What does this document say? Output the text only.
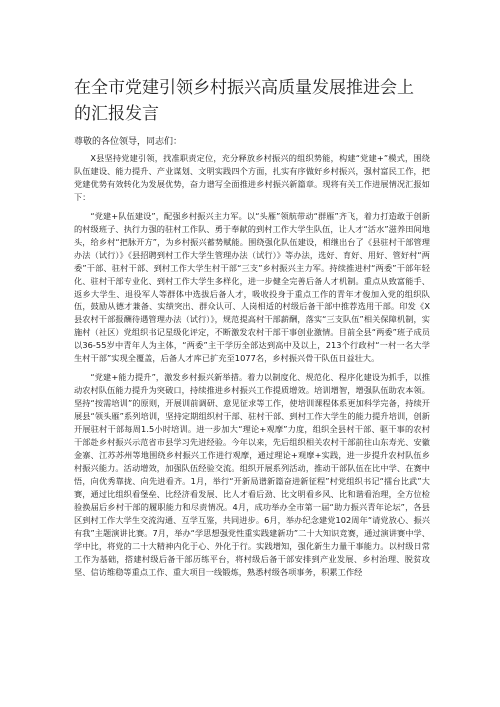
在全市党建引领乡村振兴高质量发展推进会上的汇报发言

尊敬的各位领导，同志们：

X县坚持党建引领，找准职责定位，充分释放乡村振兴的组织势能，构建“党建+”模式，围绕队伍建设、能力提升、产业谋划、文明实践四个方面，扎实有序做好乡村振兴，强村富民工作，把党建优势有效转化为发展优势，奋力谱写全面推进乡村振兴新篇章。现将有关工作进展情况汇报如下：

“党建+队伍建设”，配强乡村振兴主力军。以“头雁”领航带动“群雁”齐飞，着力打造敢于创新的村级班子、执行力强的驻村工作队、勇于奉献的到村工作大学生队伍，让人才“活水”滋养田间地头，给乡村“把脉开方”，为乡村振兴蓄势赋能。围绕强化队伍建设，相继出台了《县驻村干部管理办法（试行）》《县招聘到村工作大学生管理办法（试行）》等办法，选好、育好、用好、管好村“两委”干部、驻村干部、到村工作大学生村干部“三支”乡村振兴主力军。持续推进村“两委”干部年轻化、驻村干部专业化、到村工作大学生多样化，进一步健全完善后备人才机制。重点从致富能手、返乡大学生、退役军人等群体中选拔后备人才，吸收投身于重点工作的青年才俊加入党的组织队伍，鼓励从德才兼备、实绩突出、群众认可、人岗相适的村级后备干部中推荐选用干部。印发《X县农村干部报酬待遇管理办法（试行）》，规范提高村干部薪酬，落实“三支队伍”相关保障机制，实施村（社区）党组织书记星级化评定，不断激发农村干部干事创业激情。目前全县“两委”班子成员以36-55岁中青年人为主体，“两委”主干学历全部达到高中及以上，213个行政村“一村一名大学生村干部”实现全覆盖，后备人才库已扩充至1077名，乡村振兴骨干队伍日益壮大。

“党建+能力提升”，激发乡村振兴新举措。着力以制度化、规范化、程序化建设为抓手，以推动农村队伍能力提升为突破口，持续推进乡村振兴工作提质增效。培训增智，增强队伍助农本领。坚持“按需培训”的原则，开展训前调研、意见征求等工作，使培训课程体系更加科学完备，持续开展县“领头雁”系列培训，坚持定期组织村干部、驻村干部、到村工作大学生的能力提升培训，创新开展驻村干部每周1.5小时培训。进一步加大“理论+观摩”力度，组织全县村干部、驱干事的农村干部赴乡村振兴示范省市县学习先进经验。今年以来，先后组织相关农村干部前往山东寿光、安徽金寨、江苏苏州等地围绕乡村振兴工作进行观摩，通过理论+观摩+实践，进一步提升农村队伍乡村振兴能力。活动增效，加强队伍经验交流。组织开展系列活动，推动干部队伍在比中学、在赛中悟，向优秀靠拢、向先进看齐。1月，举行“开新局谱新篇奋进新征程”村党组织书记“擂台比武”大赛，通过比组织看堡垒、比经济看发展、比人才看后劲、比文明看乡风、比和谐看治理，全方位检验换届后乡村干部的履职能力和尽责情况。4月，成功举办全市第一届“助力振兴青年论坛”，各县区到村工作大学生交流沟通、互学互鉴，共同进步。6月，举办纪念建党102周年“请党放心、振兴有我”主题演讲比赛。7月，举办“学思想强党性重实践建新功”二十大知识竞赛，通过演讲赛中学、学中比，将党的二十大精神内化于心、外化于行。实践增知，强化新生力量干事能力。以村级日常工作为基础，搭建村级后备干部历练平台，将村级后备干部安排到产业发展、乡村治理、脱贫攻坚、信访维稳等重点工作、重大项目一线锻炼，熟悉村级各项事务，积累工作经
